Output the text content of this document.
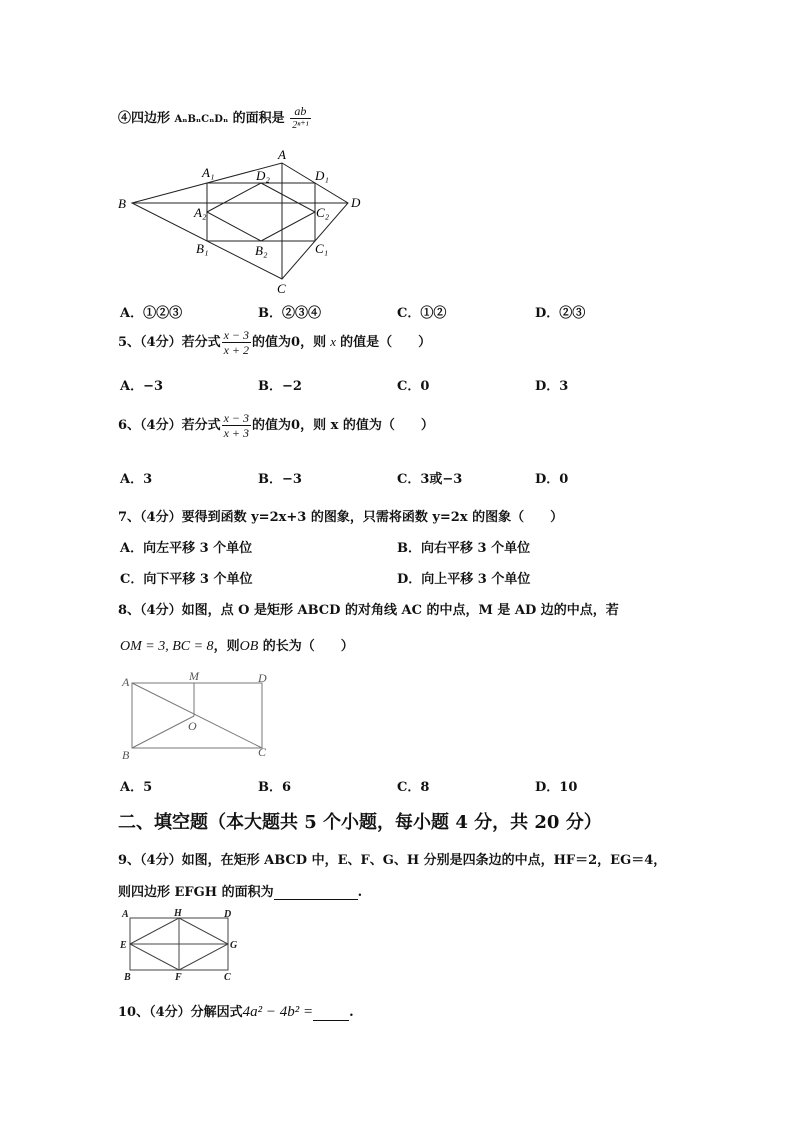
④四边形 AₙBₙCₙDₙ 的面积是 $\frac{ab}{\text{2ⁿ⁺¹}}$
A
B
C
D
A₁	D₁
D₂
A₂	C₂
B₁	B₂	C₁
A．①②③	B．②③④	C．①②	D．②③
5、（4分）若分式 $\frac{x - 3}{x + 2}$ 的值为0，则 x 的值是（　　）
A．−3	B．−2	C．0	D．3
6、（4分）若分式 $\frac{x - 3}{x + 3}$ 的值为0，则 x 的值为（　　）
A．3	B．−3	C．3或−3	D．0
7、（4分）要得到函数 y=2x+3 的图象，只需将函数 y=2x 的图象（　　）
A．向左平移 3 个单位	B．向右平移 3 个单位
C．向下平移 3 个单位	D．向上平移 3 个单位
8、（4分）如图，点 O 是矩形 ABCD 的对角线 AC 的中点，M 是 AD 边的中点，若
OM = 3, BC = 8，则OB 的长为（　　）
A	M	D
O
B	C
A．5	B．6	C．8	D．10
二、填空题（本大题共 5 个小题，每小题 4 分，共 20 分）
9、（4分）如图，在矩形 ABCD 中，E、F、G、H 分别是四条边的中点，HF＝2，EG＝4，
则四边形 EFGH 的面积为	.
A	H	D
E	G
B	F	C
10、（4分）分解因式4a² − 4b² =	.
